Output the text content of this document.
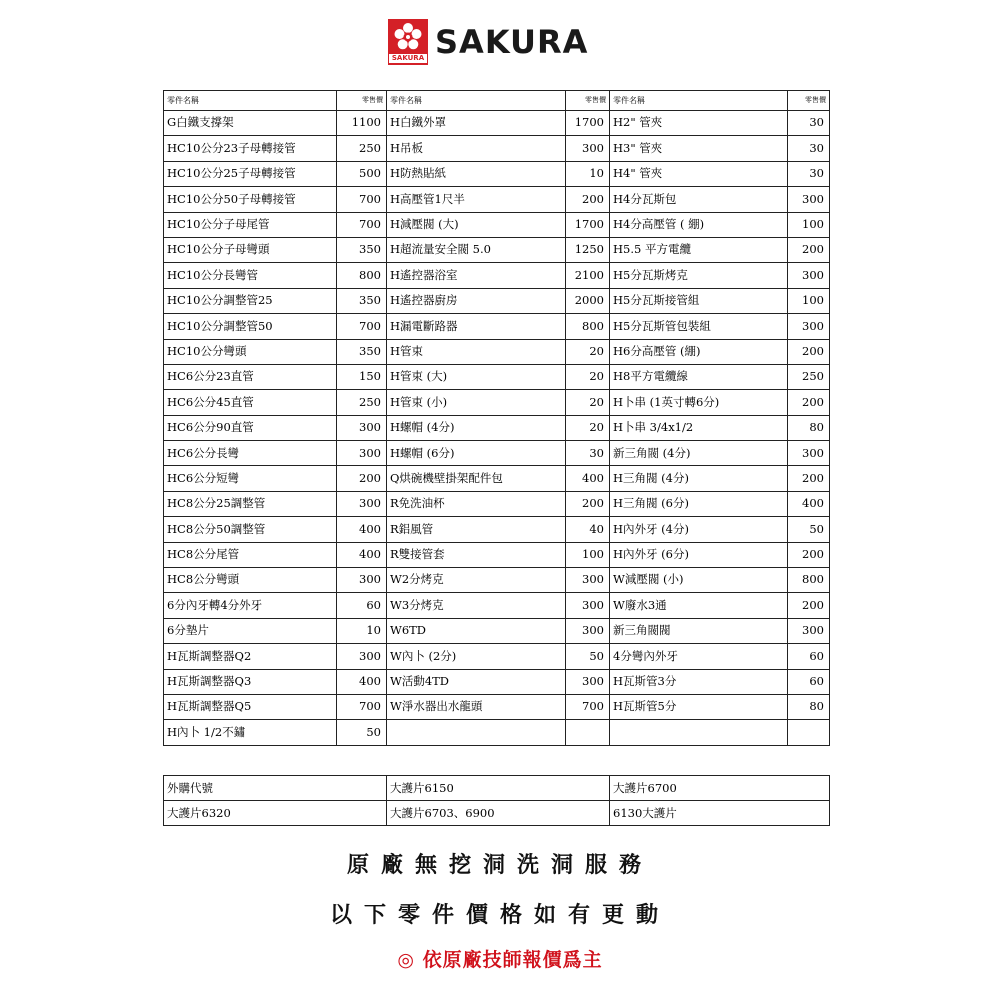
SAKURA SAKURA
零件名稱	零售價	零件名稱	零售價	零件名稱	零售價
G白鐵支撐架	1100	H白鐵外罩	1700	H2" 管夾	30
HC10公分23子母轉接管	250	H吊板	300	H3" 管夾	30
HC10公分25子母轉接管	500	H防熱貼紙	10	H4" 管夾	30
HC10公分50子母轉接管	700	H高壓管1尺半	200	H4分瓦斯包	300
HC10公分子母尾管	700	H減壓閥 (大)	1700	H4分高壓管 ( 綳)	100
HC10公分子母彎頭	350	H超流量安全閥 5.0	1250	H5.5 平方電纜	200
HC10公分長彎管	800	H遙控器浴室	2100	H5分瓦斯烤克	300
HC10公分調整管25	350	H遙控器廚房	2000	H5分瓦斯接管組	100
HC10公分調整管50	700	H漏電斷路器	800	H5分瓦斯管包裝組	300
HC10公分彎頭	350	H管束	20	H6分高壓管 (綳)	200
HC6公分23直管	150	H管束 (大)	20	H8平方電纜線	250
HC6公分45直管	250	H管束 (小)	20	H卜串 (1英寸轉6分)	200
HC6公分90直管	300	H螺帽 (4分)	20	H卜串 3/4x1/2	80
HC6公分長彎	300	H螺帽 (6分)	30	新三角閥 (4分)	300
HC6公分短彎	200	Q烘碗機壁掛架配件包	400	H三角閥 (4分)	200
HC8公分25調整管	300	R免洗油杯	200	H三角閥 (6分)	400
HC8公分50調整管	400	R鋁風管	40	H內外牙 (4分)	50
HC8公分尾管	400	R雙接管套	100	H內外牙 (6分)	200
HC8公分彎頭	300	W2分烤克	300	W減壓閥 (小)	800
6分內牙轉4分外牙	60	W3分烤克	300	W廢水3通	200
6分墊片	10	W6TD	300	新三角閥閥	300
H瓦斯調整器Q2	300	W內卜 (2分)	50	4分彎內外牙	60
H瓦斯調整器Q3	400	W活動4TD	300	H瓦斯管3分	60
H瓦斯調整器Q5	700	W淨水器出水龍頭	700	H瓦斯管5分	80
H內卜 1/2不鏽	50				
外購代號	大護片6150	大護片6700
大護片6320	大護片6703、6900	6130大護片
原廠無挖洞洗洞服務
以下零件價格如有更動
◎ 依原廠技師報價爲主
